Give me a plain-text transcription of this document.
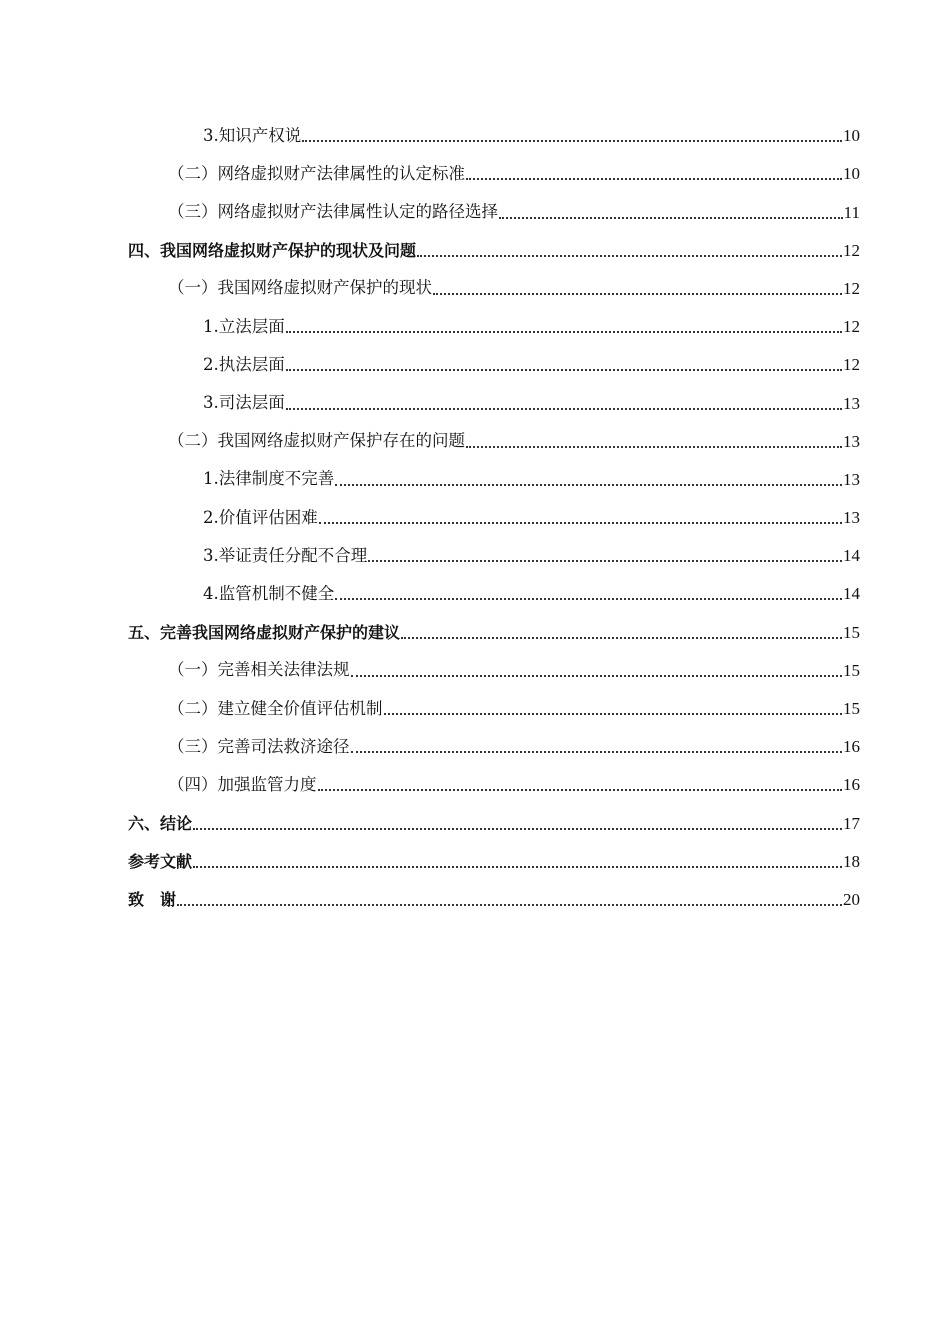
3.知识产权说	10
（二）网络虚拟财产法律属性的认定标准	10
（三）网络虚拟财产法律属性认定的路径选择	11
四、我国网络虚拟财产保护的现状及问题	12
（一）我国网络虚拟财产保护的现状	12
1.立法层面	12
2.执法层面	12
3.司法层面	13
（二）我国网络虚拟财产保护存在的问题	13
1.法律制度不完善	13
2.价值评估困难	13
3.举证责任分配不合理	14
4.监管机制不健全	14
五、完善我国网络虚拟财产保护的建议	15
（一）完善相关法律法规	15
（二）建立健全价值评估机制	15
（三）完善司法救济途径	16
（四）加强监管力度	16
六、结论	17
参考文献	18
致　谢	20
